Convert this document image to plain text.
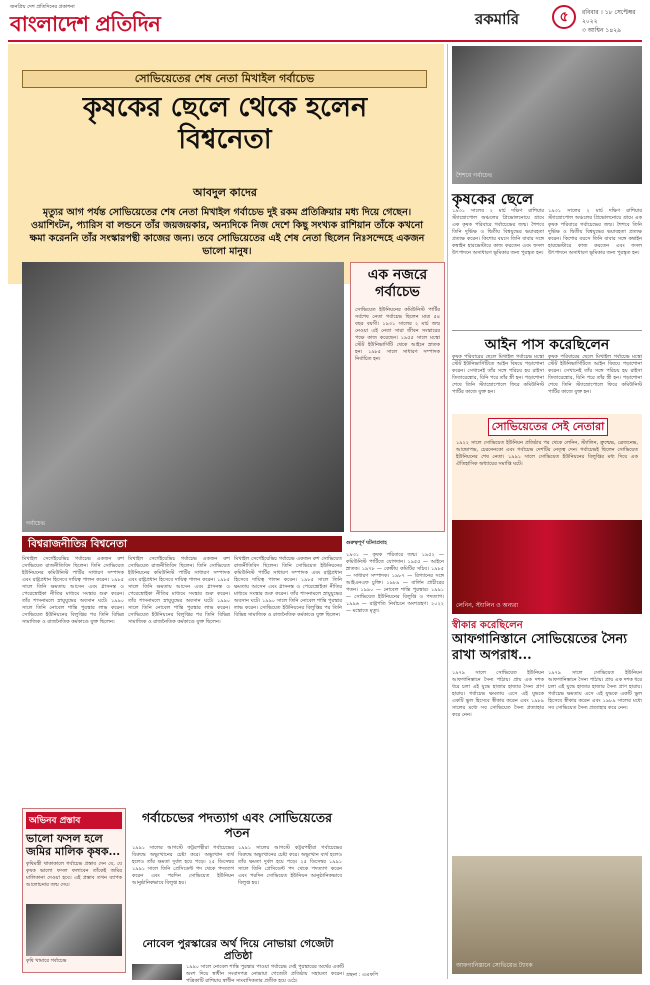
জনপ্রিয় দেশ প্রতিদিনের প্রকাশনা
বাংলাদেশ প্রতিদিন	রকমারি	৫	রবিবার । ১৮ সেপ্টেম্বর ২০২২
৩ আশ্বিন ১৪২৯
সোভিয়েতের শেষ নেতা মিখাইল গর্বাচেভ
কৃষকের ছেলে থেকে হলেন বিশ্বনেতা
আবদুল কাদের
মৃত্যুর আগ পর্যন্ত সোভিয়েতের শেষ নেতা মিখাইল গর্বাচেভ দুই রকম প্রতিক্রিয়ার মধ্য দিয়ে গেছেন। ওয়াশিংটন, প্যারিস বা লন্ডনে তাঁর জয়জয়কার, অন্যদিকে নিজ দেশে কিছু সংখ্যক রাশিয়ান তাঁকে কখনো ক্ষমা করেননি তাঁর সংস্কারপন্থী কাজের জন্য। তবে সোভিয়েতের এই শেষ নেতা ছিলেন নিঃসন্দেহে একজন ভালো মানুষ।
গর্বাচেভ
এক নজরে গর্বাচেভ
সোভিয়েত ইউনিয়নের কমিউনিস্ট পার্টির সর্বশেষ নেতা গর্বাচেভ ছিলেন মাত্র ৫৪ বছর বয়সী। ১৯৩১ সালের ২ মার্চ জন্ম নেওয়া এই নেতা সারা জীবন সংস্কারের পক্ষে কাজ করেছেন। ১৯৫৫ সালে মস্কো স্টেট ইউনিভার্সিটি থেকে আইনে স্নাতক হন। ১৯৮৫ সালে সাধারণ সম্পাদক নির্বাচিত হন।
বিশ্বরাজনীতির বিশ্বনেতা
মিখাইল সের্গেইয়েভিচ গর্বাচেভ একজন রুশ সোভিয়েত রাজনীতিবিদ ছিলেন। তিনি সোভিয়েত ইউনিয়নের কমিউনিস্ট পার্টির সাধারণ সম্পাদক এবং রাষ্ট্রপ্রধান হিসেবে দায়িত্ব পালন করেন। ১৯৮৫ সালে তিনি ক্ষমতায় আসেন এবং গ্লাসনস্ত ও পেরেস্ত্রোইকা নীতির মাধ্যমে সংস্কার শুরু করেন। তাঁর শাসনামলে স্নায়ুযুদ্ধের অবসান ঘটে। ১৯৯০ সালে তিনি নোবেল শান্তি পুরস্কার লাভ করেন। সোভিয়েত ইউনিয়নের বিলুপ্তির পর তিনি বিভিন্ন সামাজিক ও রাজনৈতিক কর্মকাণ্ডে যুক্ত ছিলেন।
মিখাইল সের্গেইয়েভিচ গর্বাচেভ একজন রুশ সোভিয়েত রাজনীতিবিদ ছিলেন। তিনি সোভিয়েত ইউনিয়নের কমিউনিস্ট পার্টির সাধারণ সম্পাদক এবং রাষ্ট্রপ্রধান হিসেবে দায়িত্ব পালন করেন। ১৯৮৫ সালে তিনি ক্ষমতায় আসেন এবং গ্লাসনস্ত ও পেরেস্ত্রোইকা নীতির মাধ্যমে সংস্কার শুরু করেন। তাঁর শাসনামলে স্নায়ুযুদ্ধের অবসান ঘটে। ১৯৯০ সালে তিনি নোবেল শান্তি পুরস্কার লাভ করেন। সোভিয়েত ইউনিয়নের বিলুপ্তির পর তিনি বিভিন্ন সামাজিক ও রাজনৈতিক কর্মকাণ্ডে যুক্ত ছিলেন।
মিখাইল সের্গেইয়েভিচ গর্বাচেভ একজন রুশ সোভিয়েত রাজনীতিবিদ ছিলেন। তিনি সোভিয়েত ইউনিয়নের কমিউনিস্ট পার্টির সাধারণ সম্পাদক এবং রাষ্ট্রপ্রধান হিসেবে দায়িত্ব পালন করেন। ১৯৮৫ সালে তিনি ক্ষমতায় আসেন এবং গ্লাসনস্ত ও পেরেস্ত্রোইকা নীতির মাধ্যমে সংস্কার শুরু করেন। তাঁর শাসনামলে স্নায়ুযুদ্ধের অবসান ঘটে। ১৯৯০ সালে তিনি নোবেল শান্তি পুরস্কার লাভ করেন। সোভিয়েত ইউনিয়নের বিলুপ্তির পর তিনি বিভিন্ন সামাজিক ও রাজনৈতিক কর্মকাণ্ডে যুক্ত ছিলেন।
গুরুত্বপূর্ণ ঘটনাপ্রবাহ
অভিনব প্রস্তাব
ভালো ফসল হলে জমির মালিক কৃষক...
কৃষিমন্ত্রী থাকাকালে গর্বাচেভ প্রস্তাব দেন যে, যে কৃষক ভালো ফসল ফলাবেন তাঁকেই জমির মালিকানা দেওয়া হবে। এই প্রস্তাব তখন ব্যাপক আলোচনার জন্ম দেয়।
কৃষি খামারে গর্বাচেভ
গর্বাচেভের পদত্যাগ এবং সোভিয়েতের পতন
১৯৯১ সালের আগস্টে কট্টরপন্থীরা গর্বাচেভের বিরুদ্ধে অভ্যুত্থানের চেষ্টা করে। অভ্যুত্থান ব্যর্থ হলেও তাঁর ক্ষমতা দুর্বল হয়ে পড়ে। ২৫ ডিসেম্বর ১৯৯১ সালে তিনি প্রেসিডেন্ট পদ থেকে পদত্যাগ করেন এবং পরদিন সোভিয়েত ইউনিয়ন আনুষ্ঠানিকভাবে বিলুপ্ত হয়।
১৯৯১ সালের আগস্টে কট্টরপন্থীরা গর্বাচেভের বিরুদ্ধে অভ্যুত্থানের চেষ্টা করে। অভ্যুত্থান ব্যর্থ হলেও তাঁর ক্ষমতা দুর্বল হয়ে পড়ে। ২৫ ডিসেম্বর ১৯৯১ সালে তিনি প্রেসিডেন্ট পদ থেকে পদত্যাগ করেন এবং পরদিন সোভিয়েত ইউনিয়ন আনুষ্ঠানিকভাবে বিলুপ্ত হয়।
নোবেল পুরস্কারের অর্থ দিয়ে নোভায়া গেজেটা প্রতিষ্ঠা
১৯৯০ সালে নোবেল শান্তি পুরস্কার পাওয়া গর্বাচেভ সেই পুরস্কারের অর্থের একটি অংশ দিয়ে স্বাধীন সংবাদপত্র নোভায়া গেজেটা প্রতিষ্ঠায় সহায়তা করেন। পত্রিকাটি রাশিয়ায় স্বাধীন সাংবাদিকতার প্রতীক হয়ে ওঠে।
১৯৩১ — কৃষক পরিবারে জন্ম। ১৯৫২ — কমিউনিস্ট পার্টিতে যোগদান। ১৯৫৫ — আইনে স্নাতক। ১৯৭৮ — কেন্দ্রীয় কমিটির সচিব। ১৯৮৫ — সাধারণ সম্পাদক। ১৯৮৭ — রিগ্যানের সঙ্গে আইএনএফ চুক্তি। ১৯৮৯ — বার্লিন প্রাচীরের পতন। ১৯৯০ — নোবেল শান্তি পুরস্কার। ১৯৯১ — সোভিয়েত ইউনিয়নের বিলুপ্তি ও পদত্যাগ। ১৯৯৬ — রাষ্ট্রপতি নির্বাচনে অংশগ্রহণ। ২০২২ — মস্কোতে মৃত্যু।
গ্রন্থনা : এএফপি
শৈশবে গর্বাচেভ
কৃষকের ছেলে
১৯৩১ সালের ২ মার্চ দক্ষিণ রাশিয়ার স্ট্যাভ্রোপোল অঞ্চলের প্রিভোলনোয়ে গ্রামে এক কৃষক পরিবারে গর্বাচেভের জন্ম। শৈশবে তিনি দুর্ভিক্ষ ও দ্বিতীয় বিশ্বযুদ্ধের ভয়াবহতা প্রত্যক্ষ করেন। কিশোর বয়সে তিনি বাবার সঙ্গে কম্বাইন হারভেস্টারে কাজ করতেন এবং ফসল উৎপাদনে অসাধারণ ভূমিকার জন্য পুরস্কৃত হন।
১৯৩১ সালের ২ মার্চ দক্ষিণ রাশিয়ার স্ট্যাভ্রোপোল অঞ্চলের প্রিভোলনোয়ে গ্রামে এক কৃষক পরিবারে গর্বাচেভের জন্ম। শৈশবে তিনি দুর্ভিক্ষ ও দ্বিতীয় বিশ্বযুদ্ধের ভয়াবহতা প্রত্যক্ষ করেন। কিশোর বয়সে তিনি বাবার সঙ্গে কম্বাইন হারভেস্টারে কাজ করতেন এবং ফসল উৎপাদনে অসাধারণ ভূমিকার জন্য পুরস্কৃত হন।
আইন পাস করেছিলেন
কৃষক পরিবারের ছেলে মিখাইল গর্বাচেভ মস্কো স্টেট ইউনিভার্সিটিতে আইন বিষয়ে পড়াশোনা করেন। সেখানেই তাঁর সঙ্গে পরিচয় হয় রাইসা তিতারেঙ্কোর, যিনি পরে তাঁর স্ত্রী হন। পড়াশোনা শেষে তিনি স্ট্যাভ্রোপোলে ফিরে কমিউনিস্ট পার্টির কাজে যুক্ত হন।
কৃষক পরিবারের ছেলে মিখাইল গর্বাচেভ মস্কো স্টেট ইউনিভার্সিটিতে আইন বিষয়ে পড়াশোনা করেন। সেখানেই তাঁর সঙ্গে পরিচয় হয় রাইসা তিতারেঙ্কোর, যিনি পরে তাঁর স্ত্রী হন। পড়াশোনা শেষে তিনি স্ট্যাভ্রোপোলে ফিরে কমিউনিস্ট পার্টির কাজে যুক্ত হন।
সোভিয়েতের সেই নেতারা
১৯২২ সালে সোভিয়েত ইউনিয়ন প্রতিষ্ঠার পর থেকে লেনিন, স্ট্যালিন, ক্রুশ্চেভ, ব্রেজনেভ, আন্দ্রোপভ, চেরনেনকো এবং গর্বাচেভ দেশটির নেতৃত্ব দেন। গর্বাচেভই ছিলেন সোভিয়েত ইউনিয়নের শেষ নেতা। ১৯৯১ সালে সোভিয়েত ইউনিয়নের বিলুপ্তির মধ্য দিয়ে এক ঐতিহাসিক অধ্যায়ের সমাপ্তি ঘটে।
লেনিন, স্ট্যালিন ও অন্যরা
স্বীকার করেছিলেন
আফগানিস্তানে সোভিয়েতের সৈন্য রাখা অপরাধ...
১৯৭৯ সালে সোভিয়েত ইউনিয়ন আফগানিস্তানে সৈন্য পাঠায়। প্রায় এক দশক ধরে চলা এই যুদ্ধে হাজার হাজার সৈন্য প্রাণ হারায়। গর্বাচেভ ক্ষমতায় এসে এই যুদ্ধকে একটি ভুল হিসেবে স্বীকার করেন এবং ১৯৮৯ সালের মধ্যে সব সোভিয়েত সৈন্য প্রত্যাহার করে নেন।
১৯৭৯ সালে সোভিয়েত ইউনিয়ন আফগানিস্তানে সৈন্য পাঠায়। প্রায় এক দশক ধরে চলা এই যুদ্ধে হাজার হাজার সৈন্য প্রাণ হারায়। গর্বাচেভ ক্ষমতায় এসে এই যুদ্ধকে একটি ভুল হিসেবে স্বীকার করেন এবং ১৯৮৯ সালের মধ্যে সব সোভিয়েত সৈন্য প্রত্যাহার করে নেন।
আফগানিস্তানে সোভিয়েত ট্যাংক
